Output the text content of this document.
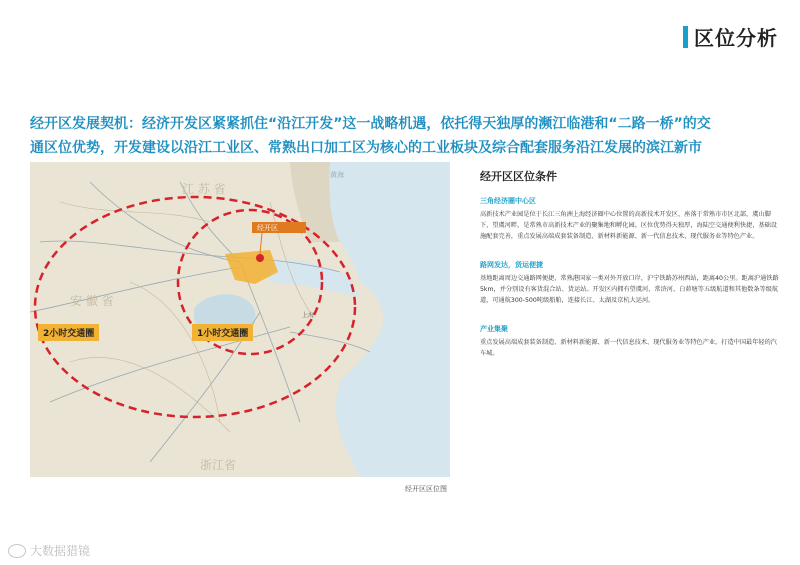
区位分析
经开区发展契机：经济开发区紧紧抓住“沿江开发”这一战略机遇，依托得天独厚的濒江临港和“二路一桥”的交
通区位优势，开发建设以沿江工业区、常熟出口加工区为核心的工业板块及综合配套服务沿江发展的滨江新市
经开区
江 苏 省
安 徽 省
浙江省
黄海
上海
2小时交通圈	1小时交通圈
经开区区位图
经开区区位条件
三角经济圈中心区
高新技术产业园是位于长江三角洲上海经济圈中心位置的高新技术开发区，座落于常熟市市区北部，虞山脚下，望虞河畔，是常熟市高新技术产业的聚集地和孵化园。区位优势得天独厚，海陆空交通便利快捷，基础设施配套完善，重点发展高端成套装备制造、新材料新能源、新一代信息技术、现代服务业等特色产业。
路网发达，货运便捷
基地距离周边交通路网便捷，常熟港国家一类对外开放口岸，沪宁铁路苏州西站，距离40公里。距离沪通铁路5km，并分别设有客货混合站、货运站。开发区内拥有望虞河、常浒河、白茆塘等五级航道和其他数条等级航道，可通航300-500吨级船舶，连接长江、太湖及京杭大运河。
产业集聚
重点发展高端成套装备制造、新材料新能源、新一代信息技术、现代服务业等特色产业。打造中国最年轻的汽车城。
大数据猎镜
